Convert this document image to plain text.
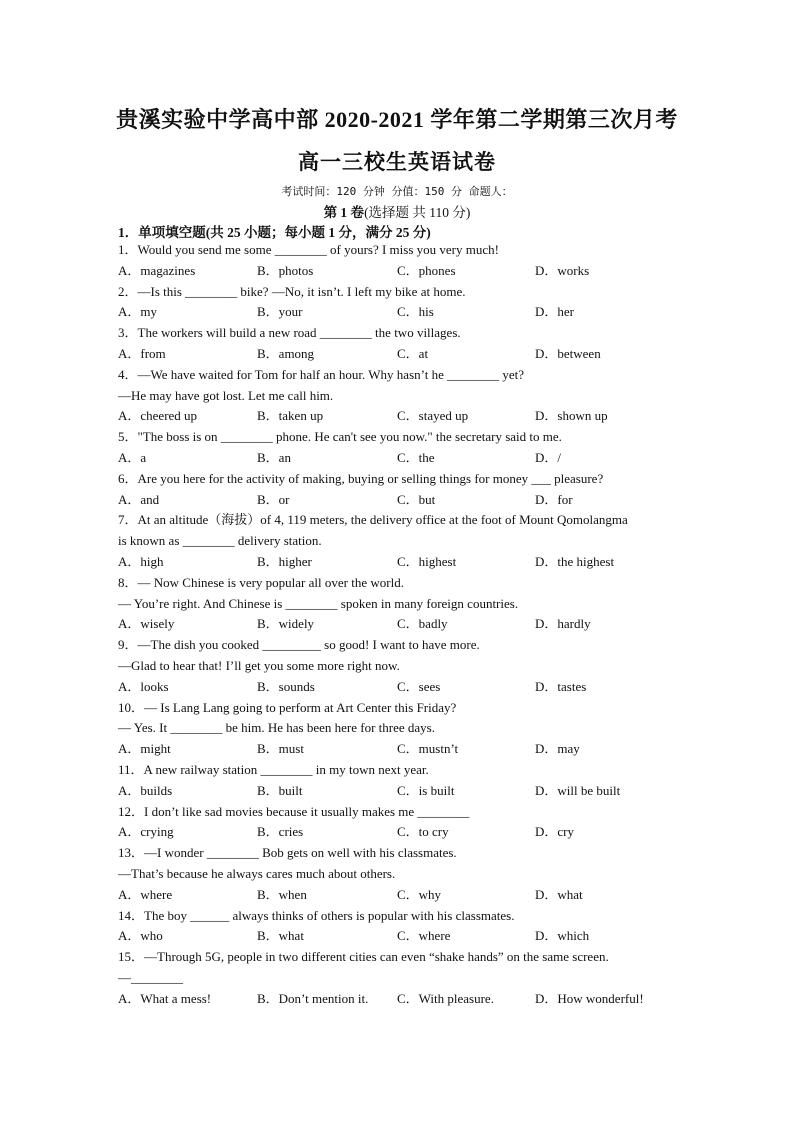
贵溪实验中学高中部 2020-2021 学年第二学期第三次月考
高一三校生英语试卷
考试时间：120 分钟 分值：150 分 命题人：
第 1 卷(选择题 共 110 分)
1．单项填空题(共 25 小题；每小题 1 分，满分 25 分)
1．Would you send me some ________ of yours? I miss you very much!
A．magazines	B．photos	C．phones	D．works
2．—Is this ________ bike? —No, it isn’t. I left my bike at home.
A．my	B．your	C．his	D．her
3．The workers will build a new road ________ the two villages.
A．from	B．among	C．at	D．between
4．—We have waited for Tom for half an hour. Why hasn’t he ________ yet?
—He may have got lost. Let me call him.
A．cheered up	B．taken up	C．stayed up	D．shown up
5．"The boss is on ________ phone. He can't see you now." the secretary said to me.
A．a	B．an	C．the	D．/
6．Are you here for the activity of making, buying or selling things for money ___ pleasure?
A．and	B．or	C．but	D．for
7．At an altitude（海拔）of 4, 119 meters, the delivery office at the foot of Mount Qomolangma
is known as ________ delivery station.
A．high	B．higher	C．highest	D．the highest
8．— Now Chinese is very popular all over the world.
— You’re right. And Chinese is ________ spoken in many foreign countries.
A．wisely	B．widely	C．badly	D．hardly
9．—The dish you cooked _________ so good! I want to have more.
—Glad to hear that! I’ll get you some more right now.
A．looks	B．sounds	C．sees	D．tastes
10．— Is Lang Lang going to perform at Art Center this Friday?
— Yes. It ________ be him. He has been here for three days.
A．might	B．must	C．mustn’t	D．may
11．A new railway station ________ in my town next year.
A．builds	B．built	C．is built	D．will be built
12．I don’t like sad movies because it usually makes me ________
A．crying	B．cries	C．to cry	D．cry
13．—I wonder ________ Bob gets on well with his classmates.
—That’s because he always cares much about others.
A．where	B．when	C．why	D．what
14．The boy ______ always thinks of others is popular with his classmates.
A．who	B．what	C．where	D．which
15．—Through 5G, people in two different cities can even “shake hands” on the same screen.
—________
A．What a mess!	B．Don’t mention it. C．With pleasure.	D．How wonderful!
